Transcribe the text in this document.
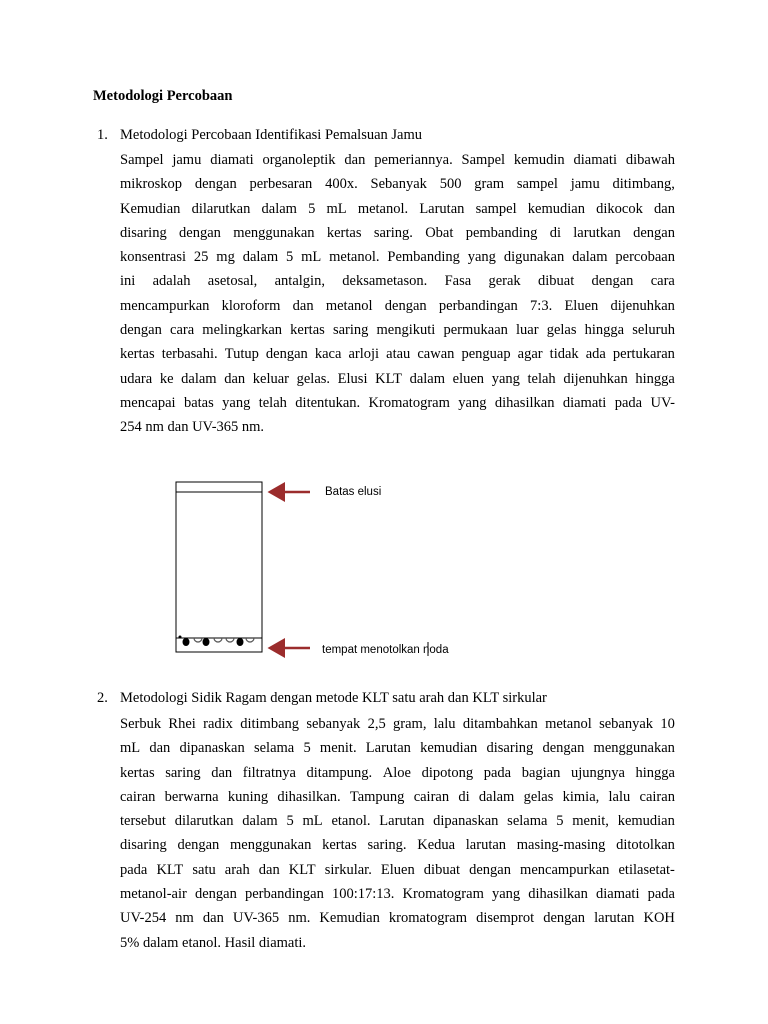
Metodologi Percobaan
1. Metodologi Percobaan Identifikasi Pemalsuan Jamu
Sampel jamu diamati organoleptik dan pemeriannya. Sampel kemudin diamati dibawah
mikroskop dengan perbesaran 400x. Sebanyak 500 gram sampel jamu ditimbang,
Kemudian dilarutkan dalam 5 mL metanol. Larutan sampel kemudian dikocok dan
disaring dengan menggunakan kertas saring. Obat pembanding di larutkan dengan
konsentrasi 25 mg dalam 5 mL metanol. Pembanding yang digunakan dalam percobaan
ini adalah asetosal, antalgin, deksametason. Fasa gerak dibuat dengan cara
mencampurkan kloroform dan metanol dengan perbandingan 7:3. Eluen dijenuhkan
dengan cara melingkarkan kertas saring mengikuti permukaan luar gelas hingga seluruh
kertas terbasahi. Tutup dengan kaca arloji atau cawan penguap agar tidak ada pertukaran
udara ke dalam dan keluar gelas. Elusi KLT dalam eluen yang telah dijenuhkan hingga
mencapai batas yang telah ditentukan. Kromatogram yang dihasilkan diamati pada UV-
254 nm dan UV-365 nm.
Batas elusi
tempat menotolkan noda
2. Metodologi Sidik Ragam dengan metode KLT satu arah dan KLT sirkular
Serbuk Rhei radix ditimbang sebanyak 2,5 gram, lalu ditambahkan metanol sebanyak 10
mL dan dipanaskan selama 5 menit. Larutan kemudian disaring dengan menggunakan
kertas saring dan filtratnya ditampung. Aloe dipotong pada bagian ujungnya hingga
cairan berwarna kuning dihasilkan. Tampung cairan di dalam gelas kimia, lalu cairan
tersebut dilarutkan dalam 5 mL etanol. Larutan dipanaskan selama 5 menit, kemudian
disaring dengan menggunakan kertas saring. Kedua larutan masing-masing ditotolkan
pada KLT satu arah dan KLT sirkular. Eluen dibuat dengan mencampurkan etilasetat-
metanol-air dengan perbandingan 100:17:13. Kromatogram yang dihasilkan diamati pada
UV-254 nm dan UV-365 nm. Kemudian kromatogram disemprot dengan larutan KOH
5% dalam etanol. Hasil diamati.
